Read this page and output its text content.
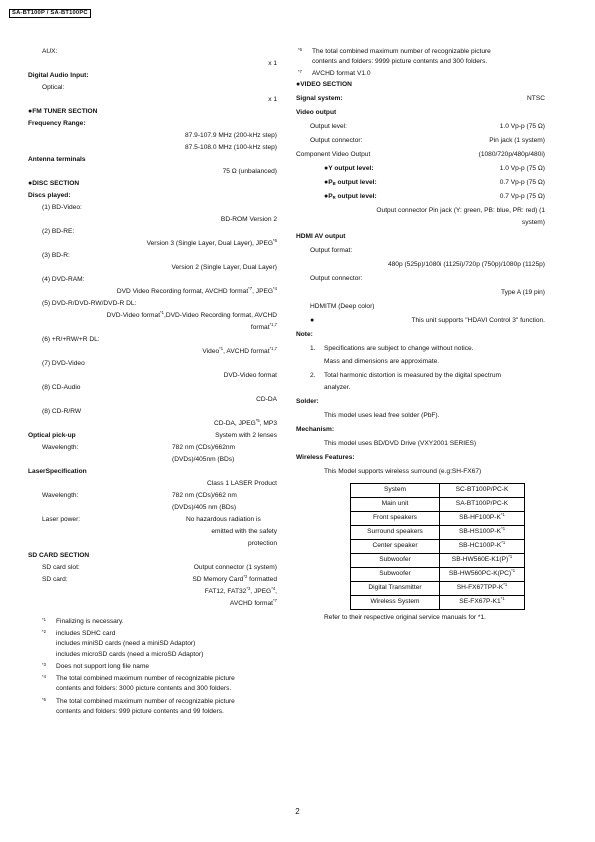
SA-BT100P / SA-BT100PC
AUX:
x 1
Digital Audio Input:
Optical:
x 1
●FM TUNER SECTION
Frequency Range:
87.9-107.9 MHz (200-kHz step)
87.5-108.0 MHz (100-kHz step)
Antenna terminals
75 Ω (unbalanced)
●DISC SECTION
Discs played:
(1) BD-Video:
BD-ROM Version 2
(2) BD-RE:
Version 3 (Single Layer, Dual Layer), JPEG$^{*6}$
(3) BD-R:
Version 2 (Single Layer, Dual Layer)
(4) DVD-RAM:
DVD Video Recording format, AVCHD format$^{*7}$, JPEG$^{*4}$
(5) DVD-R/DVD-RW/DVD-R DL:
DVD-Video format$^{*1}$,DVD-Video Recording format, AVCHD
format$^{*1,7}$
(6) +R/+RW/+R DL:
Video$^{*1}$, AVCHD format$^{*1,7}$
(7) DVD-Video
DVD-Video format
(8) CD-Audio
CD-DA
(8) CD-R/RW
CD-DA, JPEG$^{*5}$, MP3
Optical pick-up	System with 2 lenses
Wavelength:	782 nm (CDs)/662nm
(DVDs)/405nm (BDs)
LaserSpecification
Class 1 LASER Product
Wavelength:	782 nm (CDs)/662 nm
(DVDs)/405 nm (BDs)
Laser power:	No hazardous radiation is
emitted with the safety
protection
SD CARD SECTION
SD card slot:	Output connector (1 system)
SD card:	SD Memory Card$^{*2}$ formatted
FAT12, FAT32$^{*3}$, JPEG$^{*4}$,
AVCHD format$^{*7}$
*1 Finalizing is necessary.

*2 includes SDHC card

includes miniSD cards (need a miniSD Adaptor)

includes microSD cards (need a microSD Adaptor)

*3 Does not support long file name

*4 The total combined maximum number of recognizable picture

contents and folders: 3000 picture contents and 300 folders.

*5 The total combined maximum number of recognizable picture

contents and folders: 999 picture contents and 99 folders.

*6 The total combined maximum number of recognizable picture

contents and folders: 9999 picture contents and 300 folders.

*7 AVCHD format V1.0

●VIDEO SECTION
Signal system:	NTSC
Video output
Output level:	1.0 Vp-p (75 Ω)
Output connector:	Pin jack (1 system)
Component Video Output	(1080/720p/480p/480i)
●Y output level:	1.0 Vp-p (75 Ω)
$●P_B$ output level:	0.7 Vp-p (75 Ω)
$●P_R$ output level:	0.7 Vp-p (75 Ω)
Output connector Pin jack (Y: green, PB: blue, PR: red) (1
system)
HDMI AV output
Output format:
480p (525p)/1080i (1125i)/720p (750p)/1080p (1125p)
Output connector:
Type A (19 pin)
HDMITM (Deep color)
●	This unit supports "HDAVI Control 3" function.
Note:
1. Specifications are subject to change without notice.
Mass and dimensions are approximate.
2. Total harmonic distortion is measured by the digital spectrum
analyzer.
Solder:
This model uses lead free solder (PbF).
Mechanism:
This model uses BD/DVD Drive (VXY2001 SERIES)
Wireless Features:
This Model supports wireless surround (e.g:SH-FX67)
System	SC-BT100P/PC-K
Main unit	SA-BT100P/PC-K
Front speakers	$SB-HF100P-K^{*1}$
Surround speakers	$SB-HS100P-K^{*1}$
Center speaker	$SB-HC100P-K^{*1}$
Subwoofer	$SB-HW560E-K1(P)^{*1}$
Subwoofer	SB-HW560PC-K(PC)$^{*1}$
Digital Transmitter	$SH-FX67TPP-K^{*1}$
Wireless System	SE-FX67P-K1$^{*1}$
Refer to their respective original service manuals for *1.
2
